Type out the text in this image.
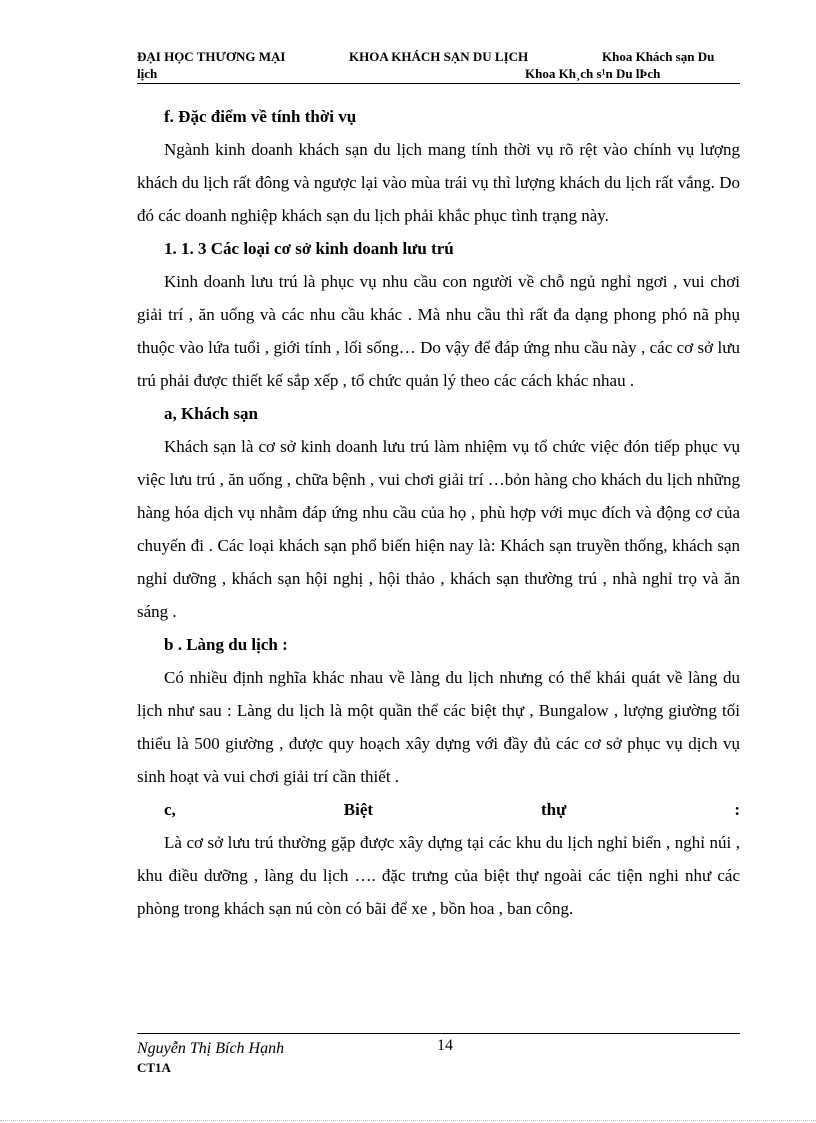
ĐẠI HỌC THƯƠNG MẠI	KHOA KHÁCH SẠN DU LỊCH	Khoa Khách sạn Du
lịch	Khoa Kh¸ch s¹n Du lÞch

f. Đặc điểm về tính thời vụ

Ngành kinh doanh khách sạn du lịch mang tính thời vụ rõ rệt vào chính vụ lượng khách du lịch rất đông và ngược lại vào mùa trái vụ thì lượng khách du lịch rất vắng. Do đó các doanh nghiệp khách sạn du lịch phải khắc phục tình trạng này.

1. 1. 3 Các loại cơ sở kinh doanh lưu trú

Kinh doanh lưu trú là phục vụ nhu cầu con người về chỗ ngủ nghỉ ngơi , vui chơi giải trí , ăn uống và các nhu cầu khác . Mà nhu cầu thì rất đa dạng phong phó nã phụ thuộc vào lứa tuổi , giới tính , lối sống… Do vậy để đáp ứng nhu cầu này , các cơ sở lưu trú phải được thiết kế sắp xếp , tổ chức quản lý theo các cách khác nhau .

a, Khách sạn

Khách sạn là cơ sở kinh doanh lưu trú làm nhiệm vụ tổ chức việc đón tiếp phục vụ việc lưu trú , ăn uống , chữa bệnh , vui chơi giải trí …bỏn hàng cho khách du lịch những hàng hóa dịch vụ nhằm đáp ứng nhu cầu của họ , phù hợp với mục đích và động cơ của chuyến đi . Các loại khách sạn phổ biến hiện nay là: Khách sạn truyền thống, khách sạn nghỉ dưỡng , khách sạn hội nghị , hội thảo , khách sạn thường trú , nhà nghỉ trọ và ăn sáng .

b . Làng du lịch :

Có nhiều định nghĩa khác nhau về làng du lịch nhưng có thể khái quát về làng du lịch như sau : Làng du lịch là một quần thể các biệt thự , Bungalow , lượng giường tối thiểu là 500 giường , được quy hoạch xây dựng với đầy đủ các cơ sở phục vụ dịch vụ sinh hoạt và vui chơi giải trí cần thiết .

c,	Biệt	thự	:

Là cơ sở lưu trú thường gặp được xây dựng tại các khu du lịch nghỉ biển , nghỉ núi , khu điều dưỡng , làng du lịch …. đặc trưng của biệt thự ngoài các tiện nghi như các phòng trong khách sạn nú còn có bãi để xe , bồn hoa , ban công.

Nguyễn Thị Bích Hạnh
CT1A
14
